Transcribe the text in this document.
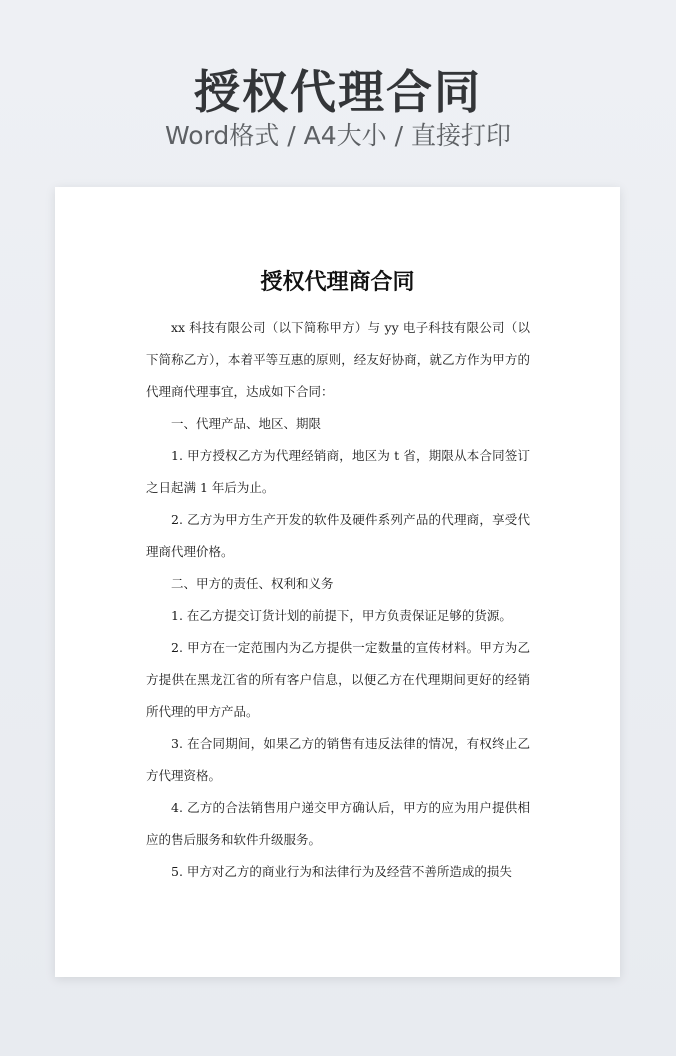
授权代理合同
Word格式 / A4大小 / 直接打印
授权代理商合同

xx 科技有限公司（以下简称甲方）与 yy 电子科技有限公司（以下简称乙方），本着平等互惠的原则，经友好协商，就乙方作为甲方的代理商代理事宜，达成如下合同：

一、代理产品、地区、期限

1. 甲方授权乙方为代理经销商，地区为 t 省，期限从本合同签订之日起满 1 年后为止。

2. 乙方为甲方生产开发的软件及硬件系列产品的代理商，享受代理商代理价格。

二、甲方的责任、权利和义务

1. 在乙方提交订货计划的前提下，甲方负责保证足够的货源。

2. 甲方在一定范围内为乙方提供一定数量的宣传材料。甲方为乙方提供在黑龙江省的所有客户信息，以便乙方在代理期间更好的经销所代理的甲方产品。

3. 在合同期间，如果乙方的销售有违反法律的情况，有权终止乙方代理资格。

4. 乙方的合法销售用户递交甲方确认后，甲方的应为用户提供相应的售后服务和软件升级服务。

5. 甲方对乙方的商业行为和法律行为及经营不善所造成的损失
